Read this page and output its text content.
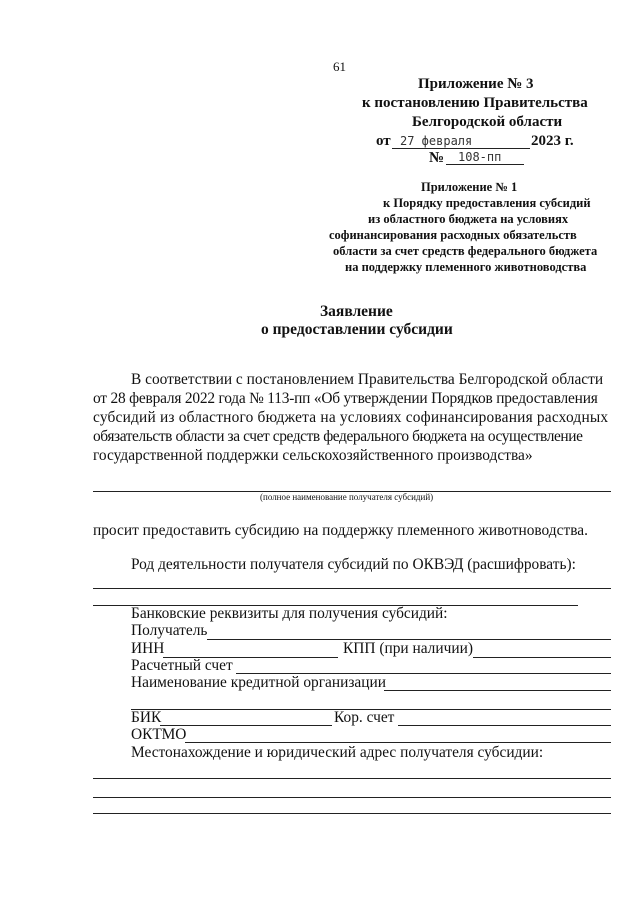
61
Приложение № 3
к постановлению Правительства
Белгородской области
от 27 февраля	2023 г.
№ 108-пп
Приложение № 1
к Порядку предоставления субсидий
из областного бюджета на условиях
софинансирования расходных обязательств
области за счет средств федерального бюджета
на поддержку племенного животноводства
Заявление
о предоставлении субсидии
В соответствии с постановлением Правительства Белгородской области
от 28 февраля 2022 года № 113-пп «Об утверждении Порядков предоставления
субсидий из областного бюджета на условиях софинансирования расходных
обязательств области за счет средств федерального бюджета на осуществление
государственной поддержки сельскохозяйственного производства»
(полное наименование получателя субсидий)
просит предоставить субсидию на поддержку племенного животноводства.
Род деятельности получателя субсидий по ОКВЭД (расшифровать):
Банковские реквизиты для получения субсидий:
Получатель
ИНН	КПП (при наличии)
Расчетный счет
Наименование кредитной организации
БИК	Кор. счет
ОКТМО
Местонахождение и юридический адрес получателя субсидии:
